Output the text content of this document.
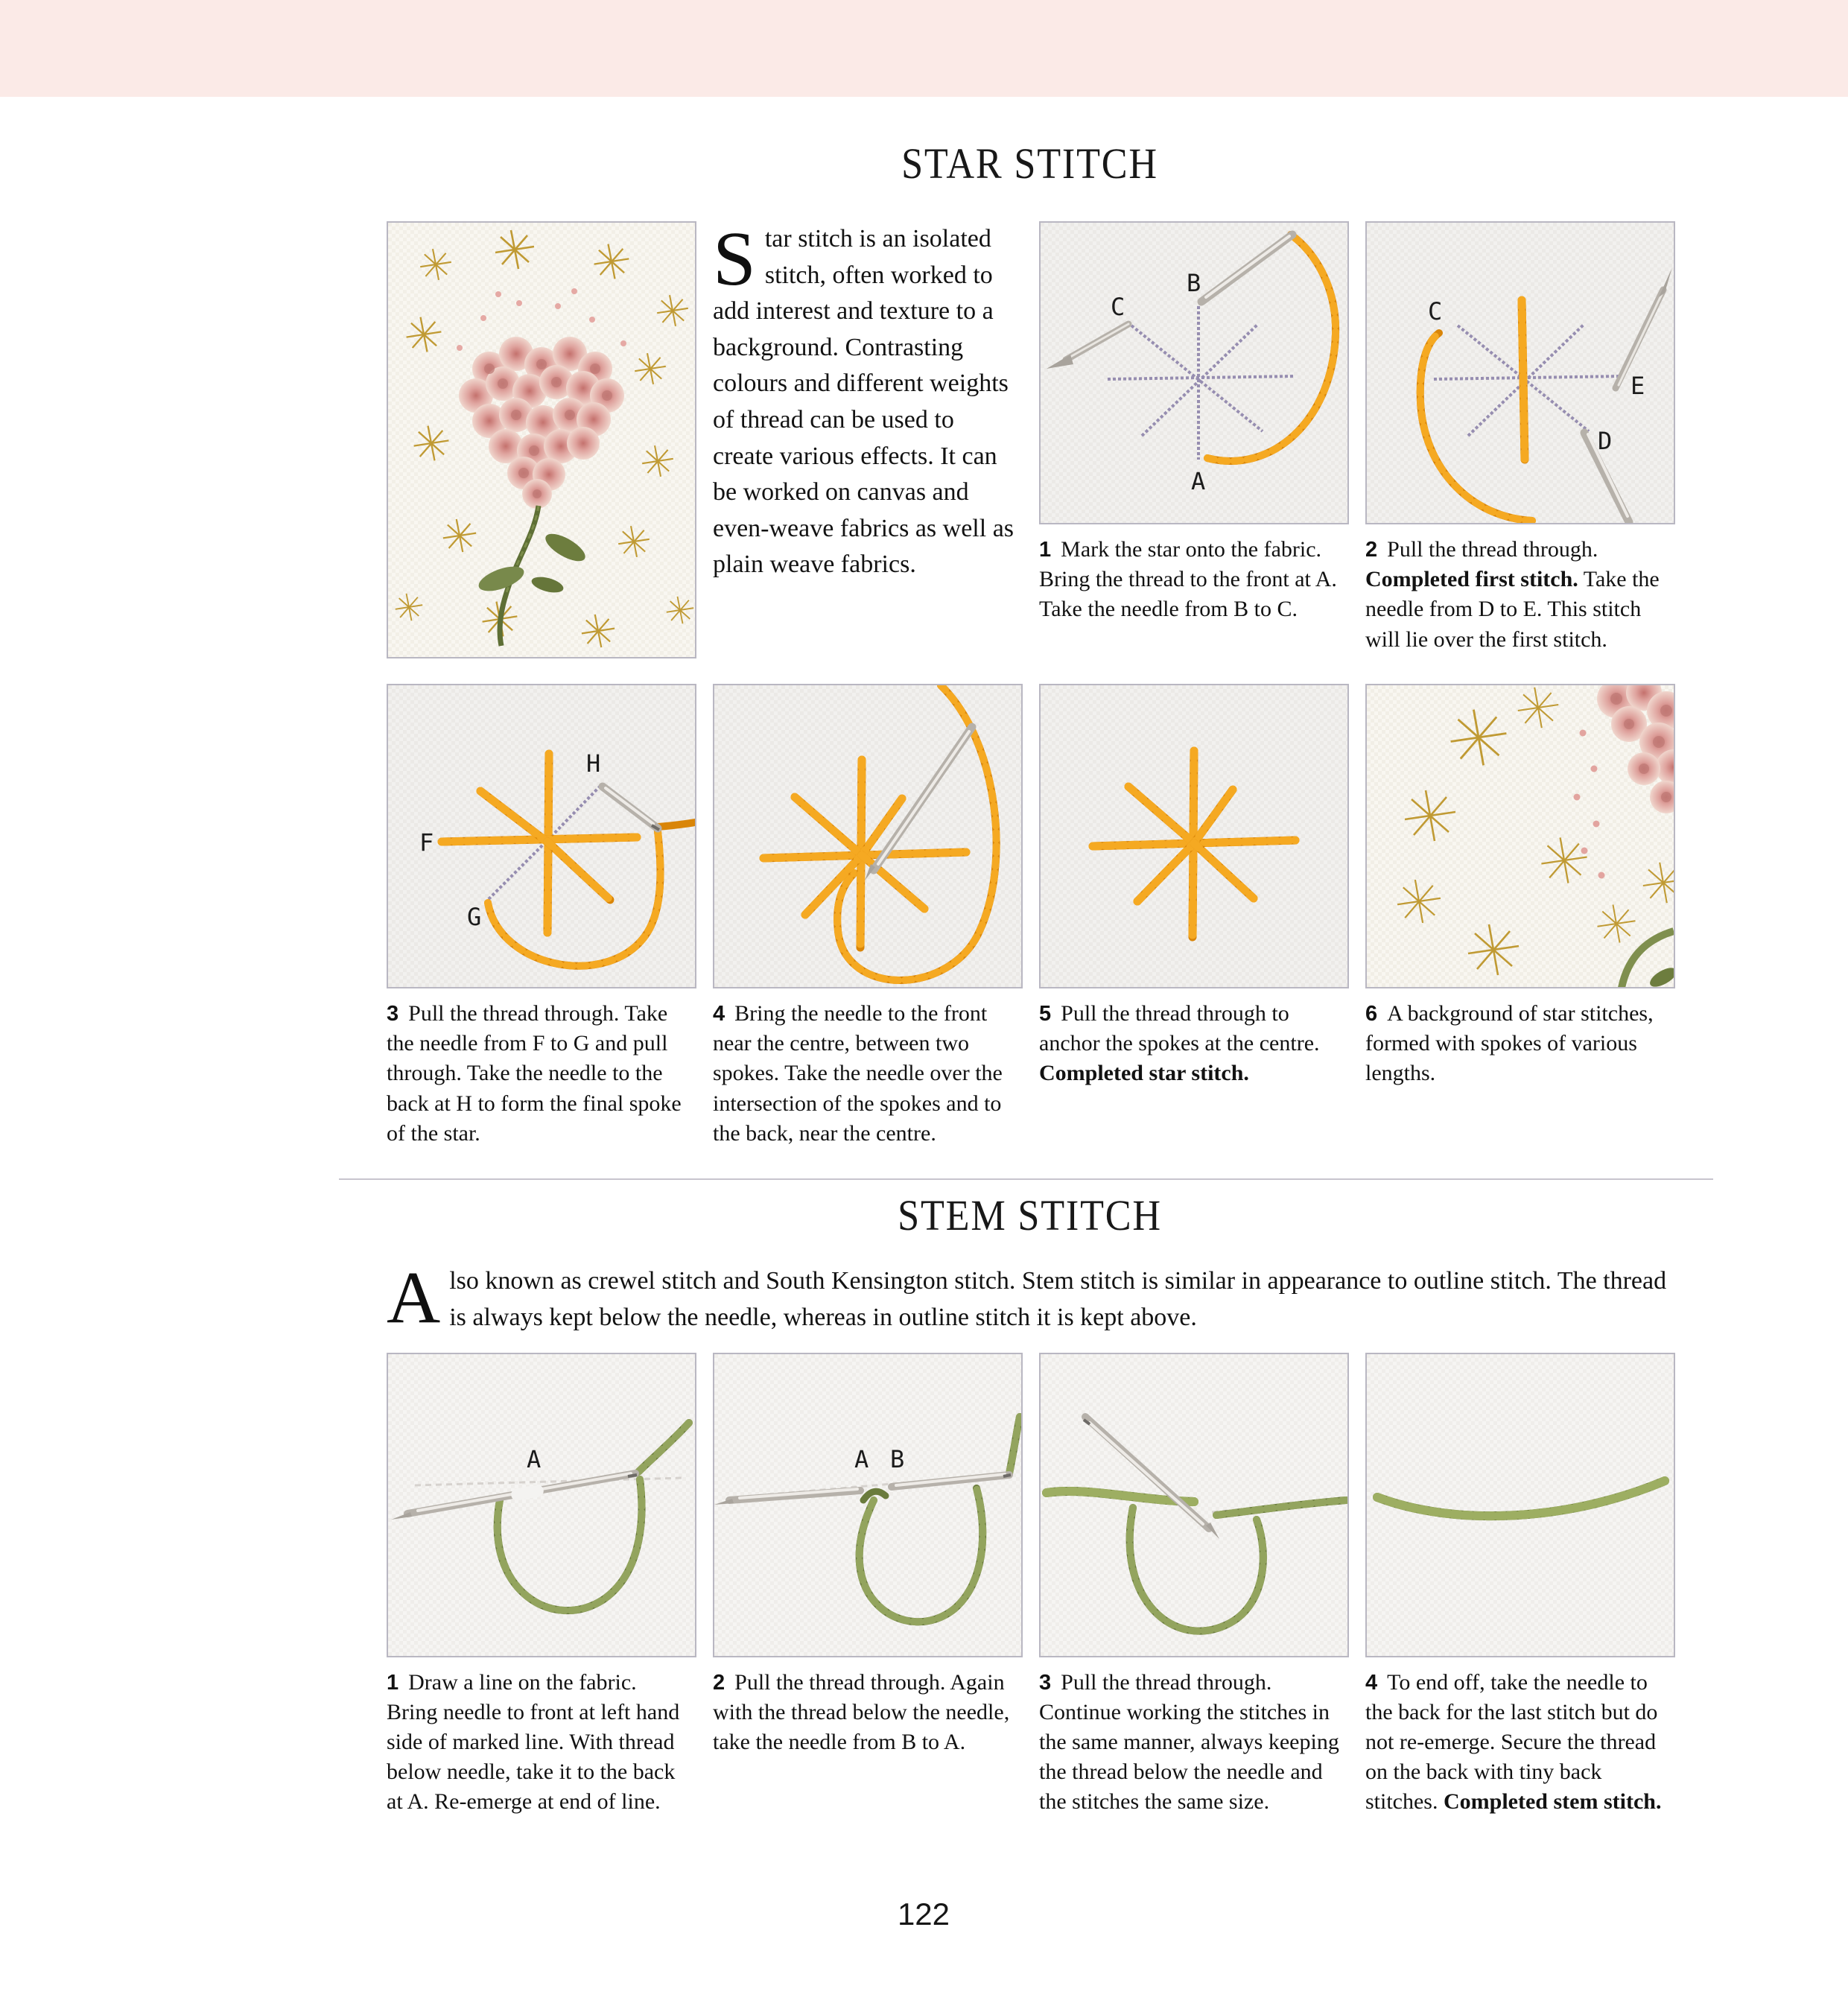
STAR STITCH

Star stitch is an isolated stitch, often worked to add interest and texture to a background. Contrasting colours and different weights of thread can be used to create various effects. It can be worked on canvas and even-weave fabrics as well as plain weave fabrics.

B
C
A

1 Mark the star onto the fabric. Bring the thread to the front at A. Take the needle from B to C.

C
E
D

2 Pull the thread through. Completed first stitch. Take the needle from D to E. This stitch will lie over the first stitch.

F
G
H

3 Pull the thread through. Take the needle from F to G and pull through. Take the needle to the back at H to form the final spoke of the star.

4 Bring the needle to the front near the centre, between two spokes. Take the needle over the intersection of the spokes and to the back, near the centre.

5 Pull the thread through to anchor the spokes at the centre. Completed star stitch.

6 A background of star stitches, formed with spokes of various lengths.

STEM STITCH

Also known as crewel stitch and South Kensington stitch. Stem stitch is similar in appearance to outline stitch. The thread is always kept below the needle, whereas in outline stitch it is kept above.

A

1 Draw a line on the fabric. Bring needle to front at left hand side of marked line. With thread below needle, take it to the back at A. Re-emerge at end of line.

A B

2 Pull the thread through. Again with the thread below the needle, take the needle from B to A.

3 Pull the thread through. Continue working the stitches in the same manner, always keeping the thread below the needle and the stitches the same size.

4 To end off, take the needle to the back for the last stitch but do not re-emerge. Secure the thread on the back with tiny back stitches. Completed stem stitch.

122
